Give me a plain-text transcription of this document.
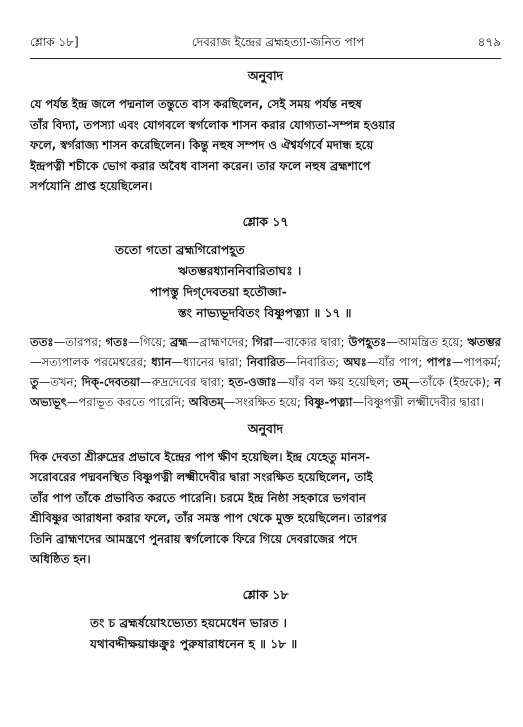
শ্লোক ১৮]	দেবরাজ ইন্দ্রের ব্রহ্মহত্যা-জনিত পাপ	৪৭৯
অনুবাদ
যে পর্যন্ত ইন্দ্র জলে পদ্মনাল তন্তুতে বাস করছিলেন, সেই সময় পর্যন্ত নহুষ
তাঁর বিদ্যা, তপস্যা এবং যোগবলে স্বর্গলোক শাসন করার যোগ্যতা-সম্পন্ন হওয়ার
ফলে, স্বর্গরাজ্য শাসন করেছিলেন। কিন্তু নহুষ সম্পদ ও ঐশ্বর্যগর্বে মদান্ধ হয়ে
ইন্দ্রপত্নী শচীকে ভোগ করার অবৈধ বাসনা করেন। তার ফলে নহুষ ব্রহ্মশাপে
সর্পযোনি প্রাপ্ত হয়েছিলেন।
শ্লোক ১৭
ততো গতো ব্রহ্মগিরোপহূত
ঋতম্ভরধ্যাননিবারিতাঘঃ ।
পাপস্তু দিগ্‌দেবতয়া হতৌজা-
স্তং নাভ্যভূদবিতং বিষ্ণুপত্ন্যা ॥ ১৭ ॥
ততঃ—তারপর; গতঃ—গিয়ে; ব্রহ্ম—ব্রাহ্মণদের; গিরা—বাক্যের দ্বারা; উপহূতঃ—আমন্ত্রিত হয়ে; ঋতম্ভর—সত্যপালক পরমেশ্বরের; ধ্যান—ধ্যানের দ্বারা; নিবারিত—নিবারিত; অঘঃ—যাঁর পাপ; পাপঃ—পাপকর্ম; তু—তখন; দিক্‌-দেবতয়া—রুদ্রদেবের দ্বারা; হত-ওজাঃ—যাঁর বল ক্ষয় হয়েছিল; তম্—তাঁকে (ইন্দ্রকে); ন অভ্যভূৎ—পরাভূত করতে পারেনি; অবিতম্—সংরক্ষিত হয়ে; বিষ্ণু-পত্ন্যা—বিষ্ণুপত্নী লক্ষ্মীদেবীর দ্বারা।
অনুবাদ
দিক দেবতা শ্রীরুদ্রের প্রভাবে ইন্দ্রের পাপ ক্ষীণ হয়েছিল। ইন্দ্র যেহেতু মানস-
সরোবরের পদ্মবনস্থিত বিষ্ণুপত্নী লক্ষ্মীদেবীর দ্বারা সংরক্ষিত হয়েছিলেন, তাই
তাঁর পাপ তাঁকে প্রভাবিত করতে পারেনি। চরমে ইন্দ্র নিষ্ঠা সহকারে ভগবান
শ্রীবিষ্ণুর আরাধনা করার ফলে, তাঁর সমস্ত পাপ থেকে মুক্ত হয়েছিলেন। তারপর
তিনি ব্রাহ্মণদের আমন্ত্রণে পুনরায় স্বর্গলোকে ফিরে গিয়ে দেবরাজের পদে
অধিষ্ঠিত হন।
শ্লোক ১৮
তং চ ব্রহ্মর্ষয়োঽভ্যেত্য হয়মেধেন ভারত ।
যথাবদ্দীক্ষয়াঞ্চক্রুঃ পুরুষারাধনেন হ ॥ ১৮ ॥
